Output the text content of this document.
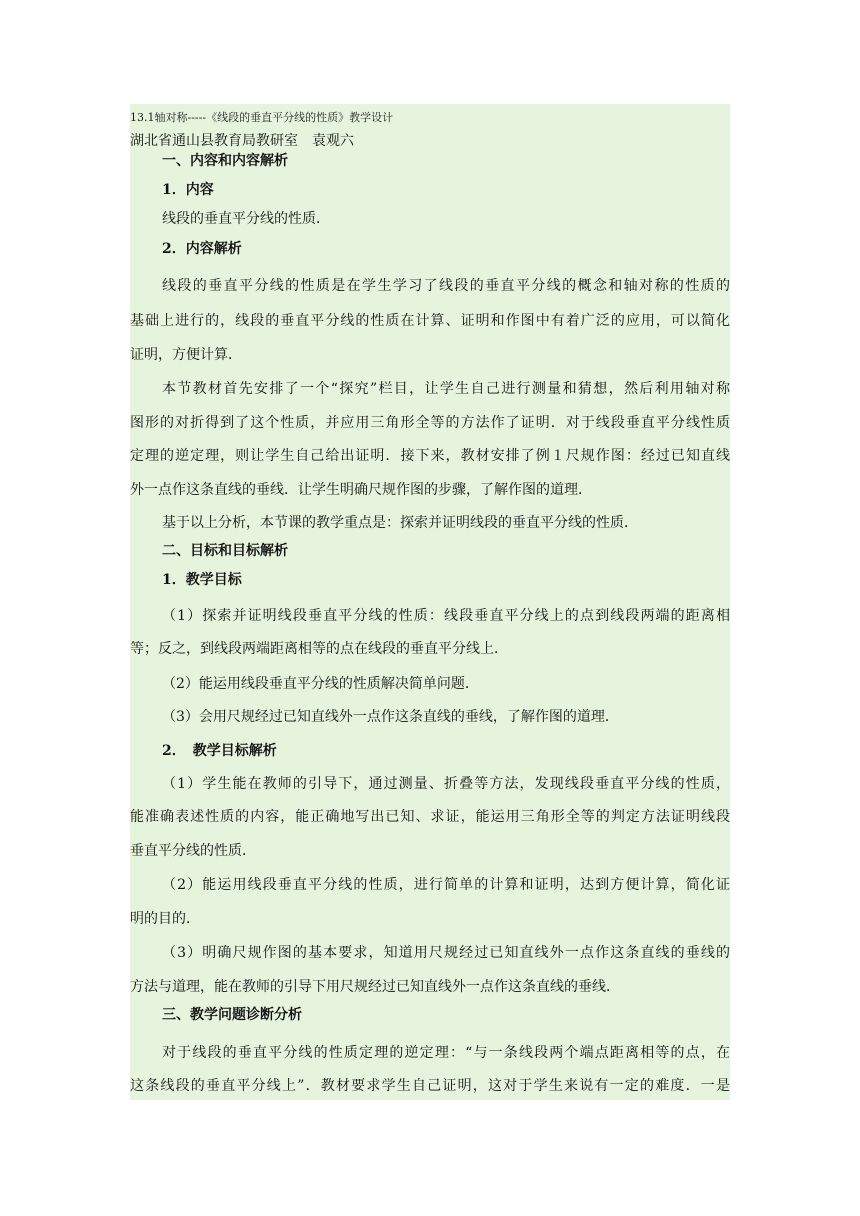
13.1轴对称-----《线段的垂直平分线的性质》教学设计
湖北省通山县教育局教研室　袁观六
一、内容和内容解析
1．内容
线段的垂直平分线的性质．
2．内容解析
线段的垂直平分线的性质是在学生学习了线段的垂直平分线的概念和轴对称的性质的
基础上进行的，线段的垂直平分线的性质在计算、证明和作图中有着广泛的应用，可以简化
证明，方便计算．
本节教材首先安排了一个“探究”栏目，让学生自己进行测量和猜想，然后利用轴对称
图形的对折得到了这个性质，并应用三角形全等的方法作了证明．对于线段垂直平分线性质
定理的逆定理，则让学生自己给出证明．接下来，教材安排了例１尺规作图：经过已知直线
外一点作这条直线的垂线．让学生明确尺规作图的步骤，了解作图的道理．
基于以上分析，本节课的教学重点是：探索并证明线段的垂直平分线的性质．
二、目标和目标解析
1．教学目标
（1）探索并证明线段垂直平分线的性质：线段垂直平分线上的点到线段两端的距离相
等；反之，到线段两端距离相等的点在线段的垂直平分线上．
（2）能运用线段垂直平分线的性质解决简单问题．
（3）会用尺规经过已知直线外一点作这条直线的垂线，了解作图的道理．
2．　教学目标解析
（1）学生能在教师的引导下，通过测量、折叠等方法，发现线段垂直平分线的性质，
能准确表述性质的内容，能正确地写出已知、求证，能运用三角形全等的判定方法证明线段
垂直平分线的性质．
（2）能运用线段垂直平分线的性质，进行简单的计算和证明，达到方便计算，简化证
明的目的．
（3）明确尺规作图的基本要求，知道用尺规经过已知直线外一点作这条直线的垂线的
方法与道理，能在教师的引导下用尺规经过已知直线外一点作这条直线的垂线．
三、教学问题诊断分析
对于线段的垂直平分线的性质定理的逆定理：“与一条线段两个端点距离相等的点，在
这条线段的垂直平分线上”．教材要求学生自己证明，这对于学生来说有一定的难度．一是
